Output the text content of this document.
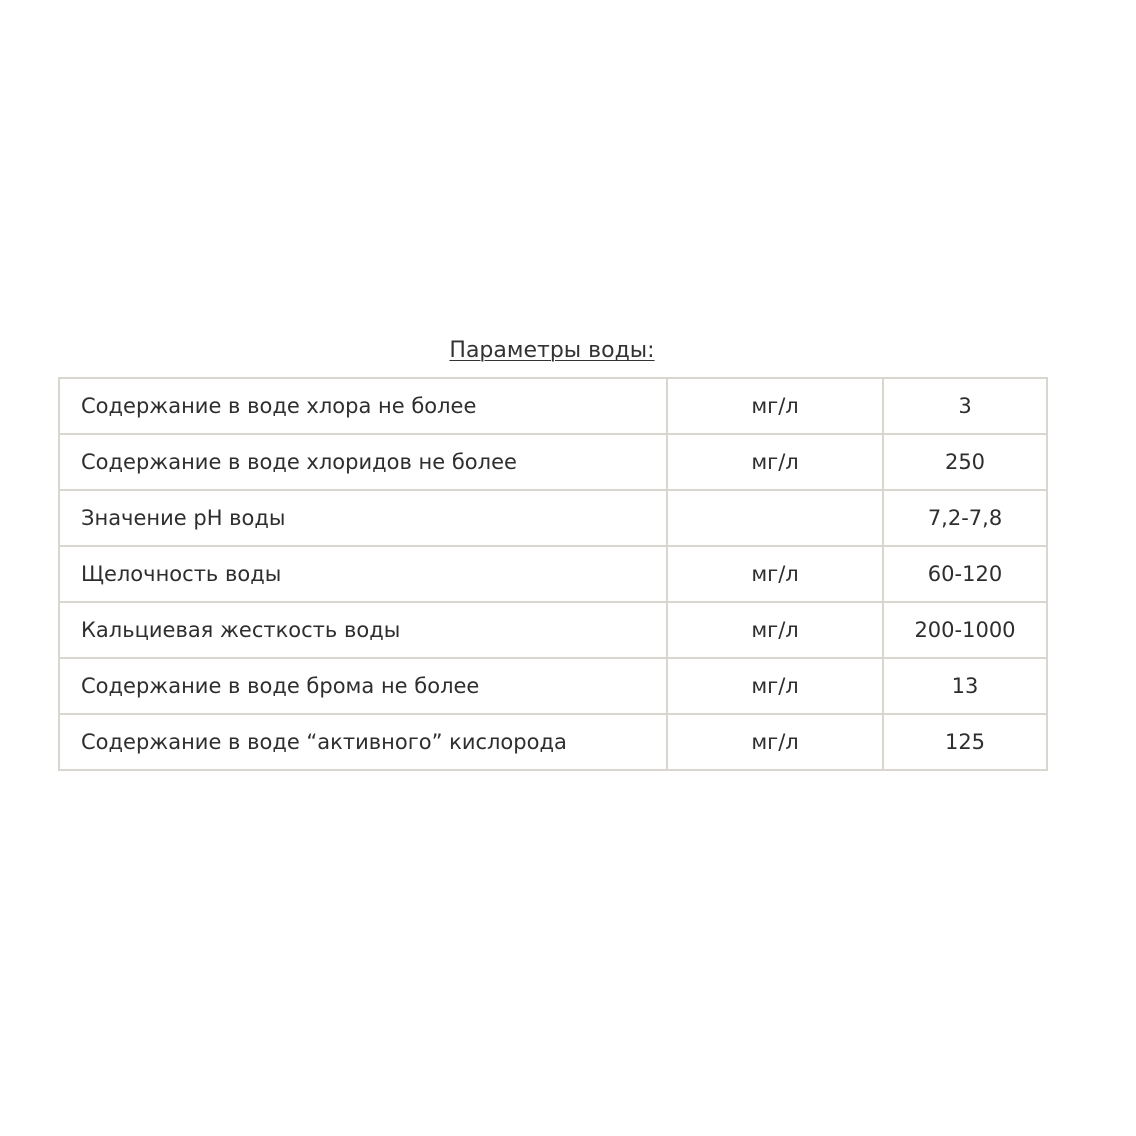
Параметры воды:
Содержание в воде хлора не более	мг/л	3
Содержание в воде хлоридов не более	мг/л	250
Значение pH воды		7,2-7,8
Щелочность воды	мг/л	60-120
Кальциевая жесткость воды	мг/л	200-1000
Содержание в воде брома не более	мг/л	13
Содержание в воде “активного” кислорода	мг/л	125
